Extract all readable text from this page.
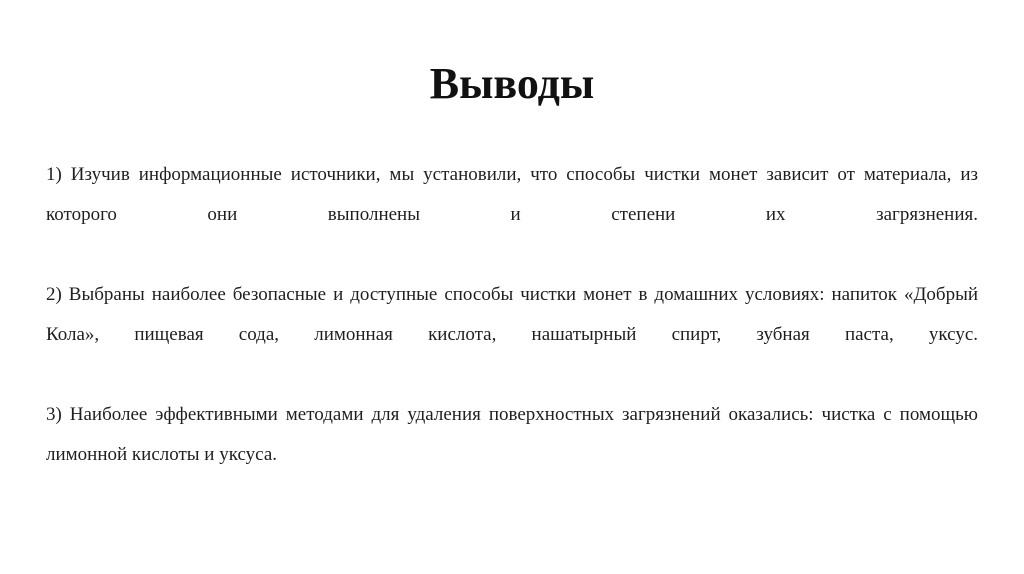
Выводы

1) Изучив информационные источники, мы установили, что способы чистки монет зависит от материала, из которого они выполнены и степени их загрязнения.

2) Выбраны наиболее безопасные и доступные способы чистки монет в домашних условиях: напиток «Добрый Кола», пищевая сода, лимонная кислота, нашатырный спирт, зубная паста, уксус.

3) Наиболее эффективными методами для удаления поверхностных загрязнений оказались: чистка с помощью лимонной кислоты и уксуса.
